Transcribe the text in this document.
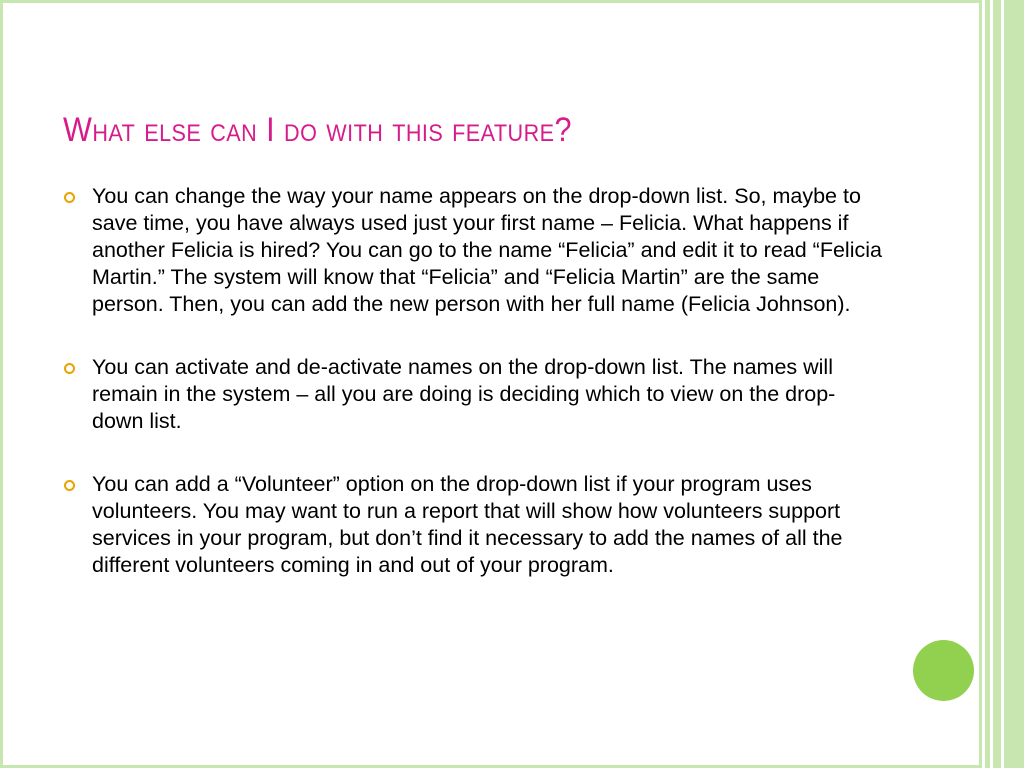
What else can I do with this feature?
You can change the way your name appears on the drop-down list. So, maybe to save time, you have always used just your first name – Felicia. What happens if another Felicia is hired? You can go to the name “Felicia” and edit it to read “Felicia Martin.” The system will know that “Felicia” and “Felicia Martin” are the same person. Then, you can add the new person with her full name (Felicia Johnson).
You can activate and de-activate names on the drop-down list. The names will remain in the system – all you are doing is deciding which to view on the drop-down list.
You can add a “Volunteer” option on the drop-down list if your program uses volunteers. You may want to run a report that will show how volunteers support services in your program, but don’t find it necessary to add the names of all the different volunteers coming in and out of your program.
